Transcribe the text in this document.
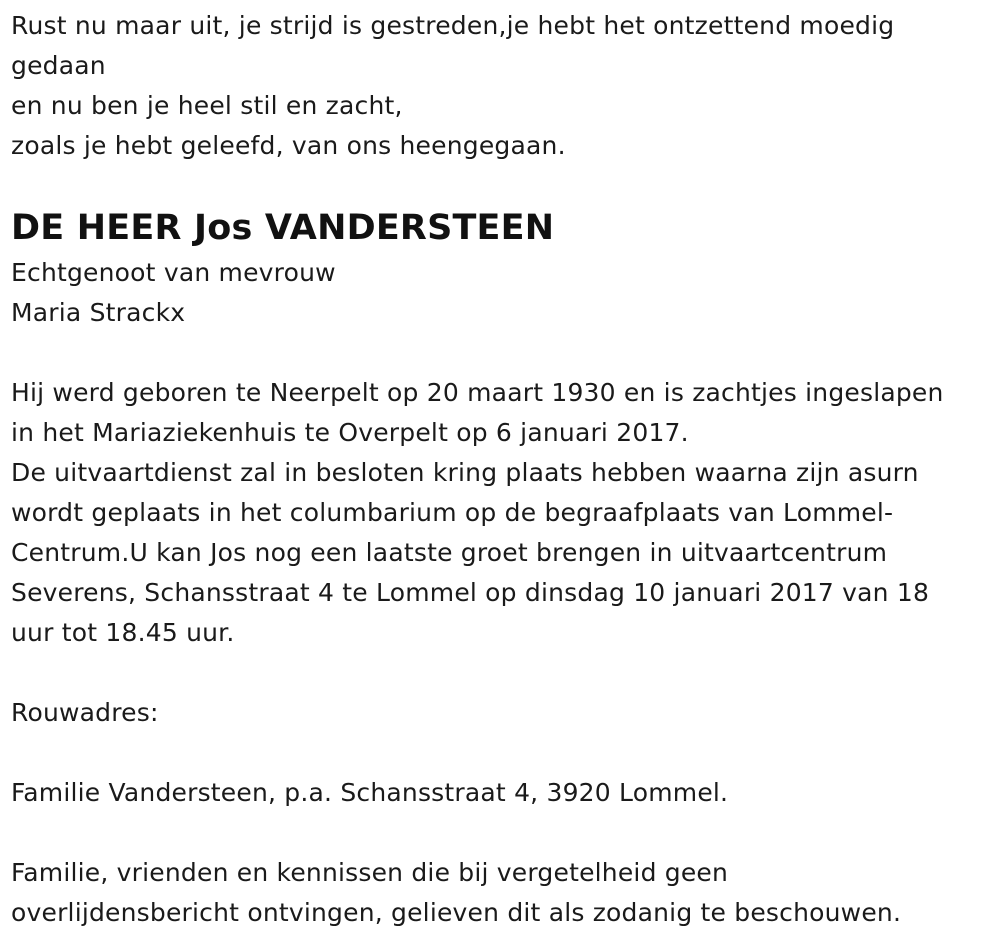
Rust nu maar uit, je strijd is gestreden,je hebt het ontzettend moedig
gedaan
en nu ben je heel stil en zacht,
zoals je hebt geleefd, van ons heengegaan.
DE HEER Jos VANDERSTEEN
Echtgenoot van mevrouw
Maria Strackx
Hij werd geboren te Neerpelt op 20 maart 1930 en is zachtjes ingeslapen
in het Mariaziekenhuis te Overpelt op 6 januari 2017.
De uitvaartdienst zal in besloten kring plaats hebben waarna zijn asurn
wordt geplaats in het columbarium op de begraafplaats van Lommel-
Centrum.U kan Jos nog een laatste groet brengen in uitvaartcentrum
Severens, Schansstraat 4 te Lommel op dinsdag 10 januari 2017 van 18
uur tot 18.45 uur.
Rouwadres:
Familie Vandersteen, p.a. Schansstraat 4, 3920 Lommel.
Familie, vrienden en kennissen die bij vergetelheid geen
overlijdensbericht ontvingen, gelieven dit als zodanig te beschouwen.
